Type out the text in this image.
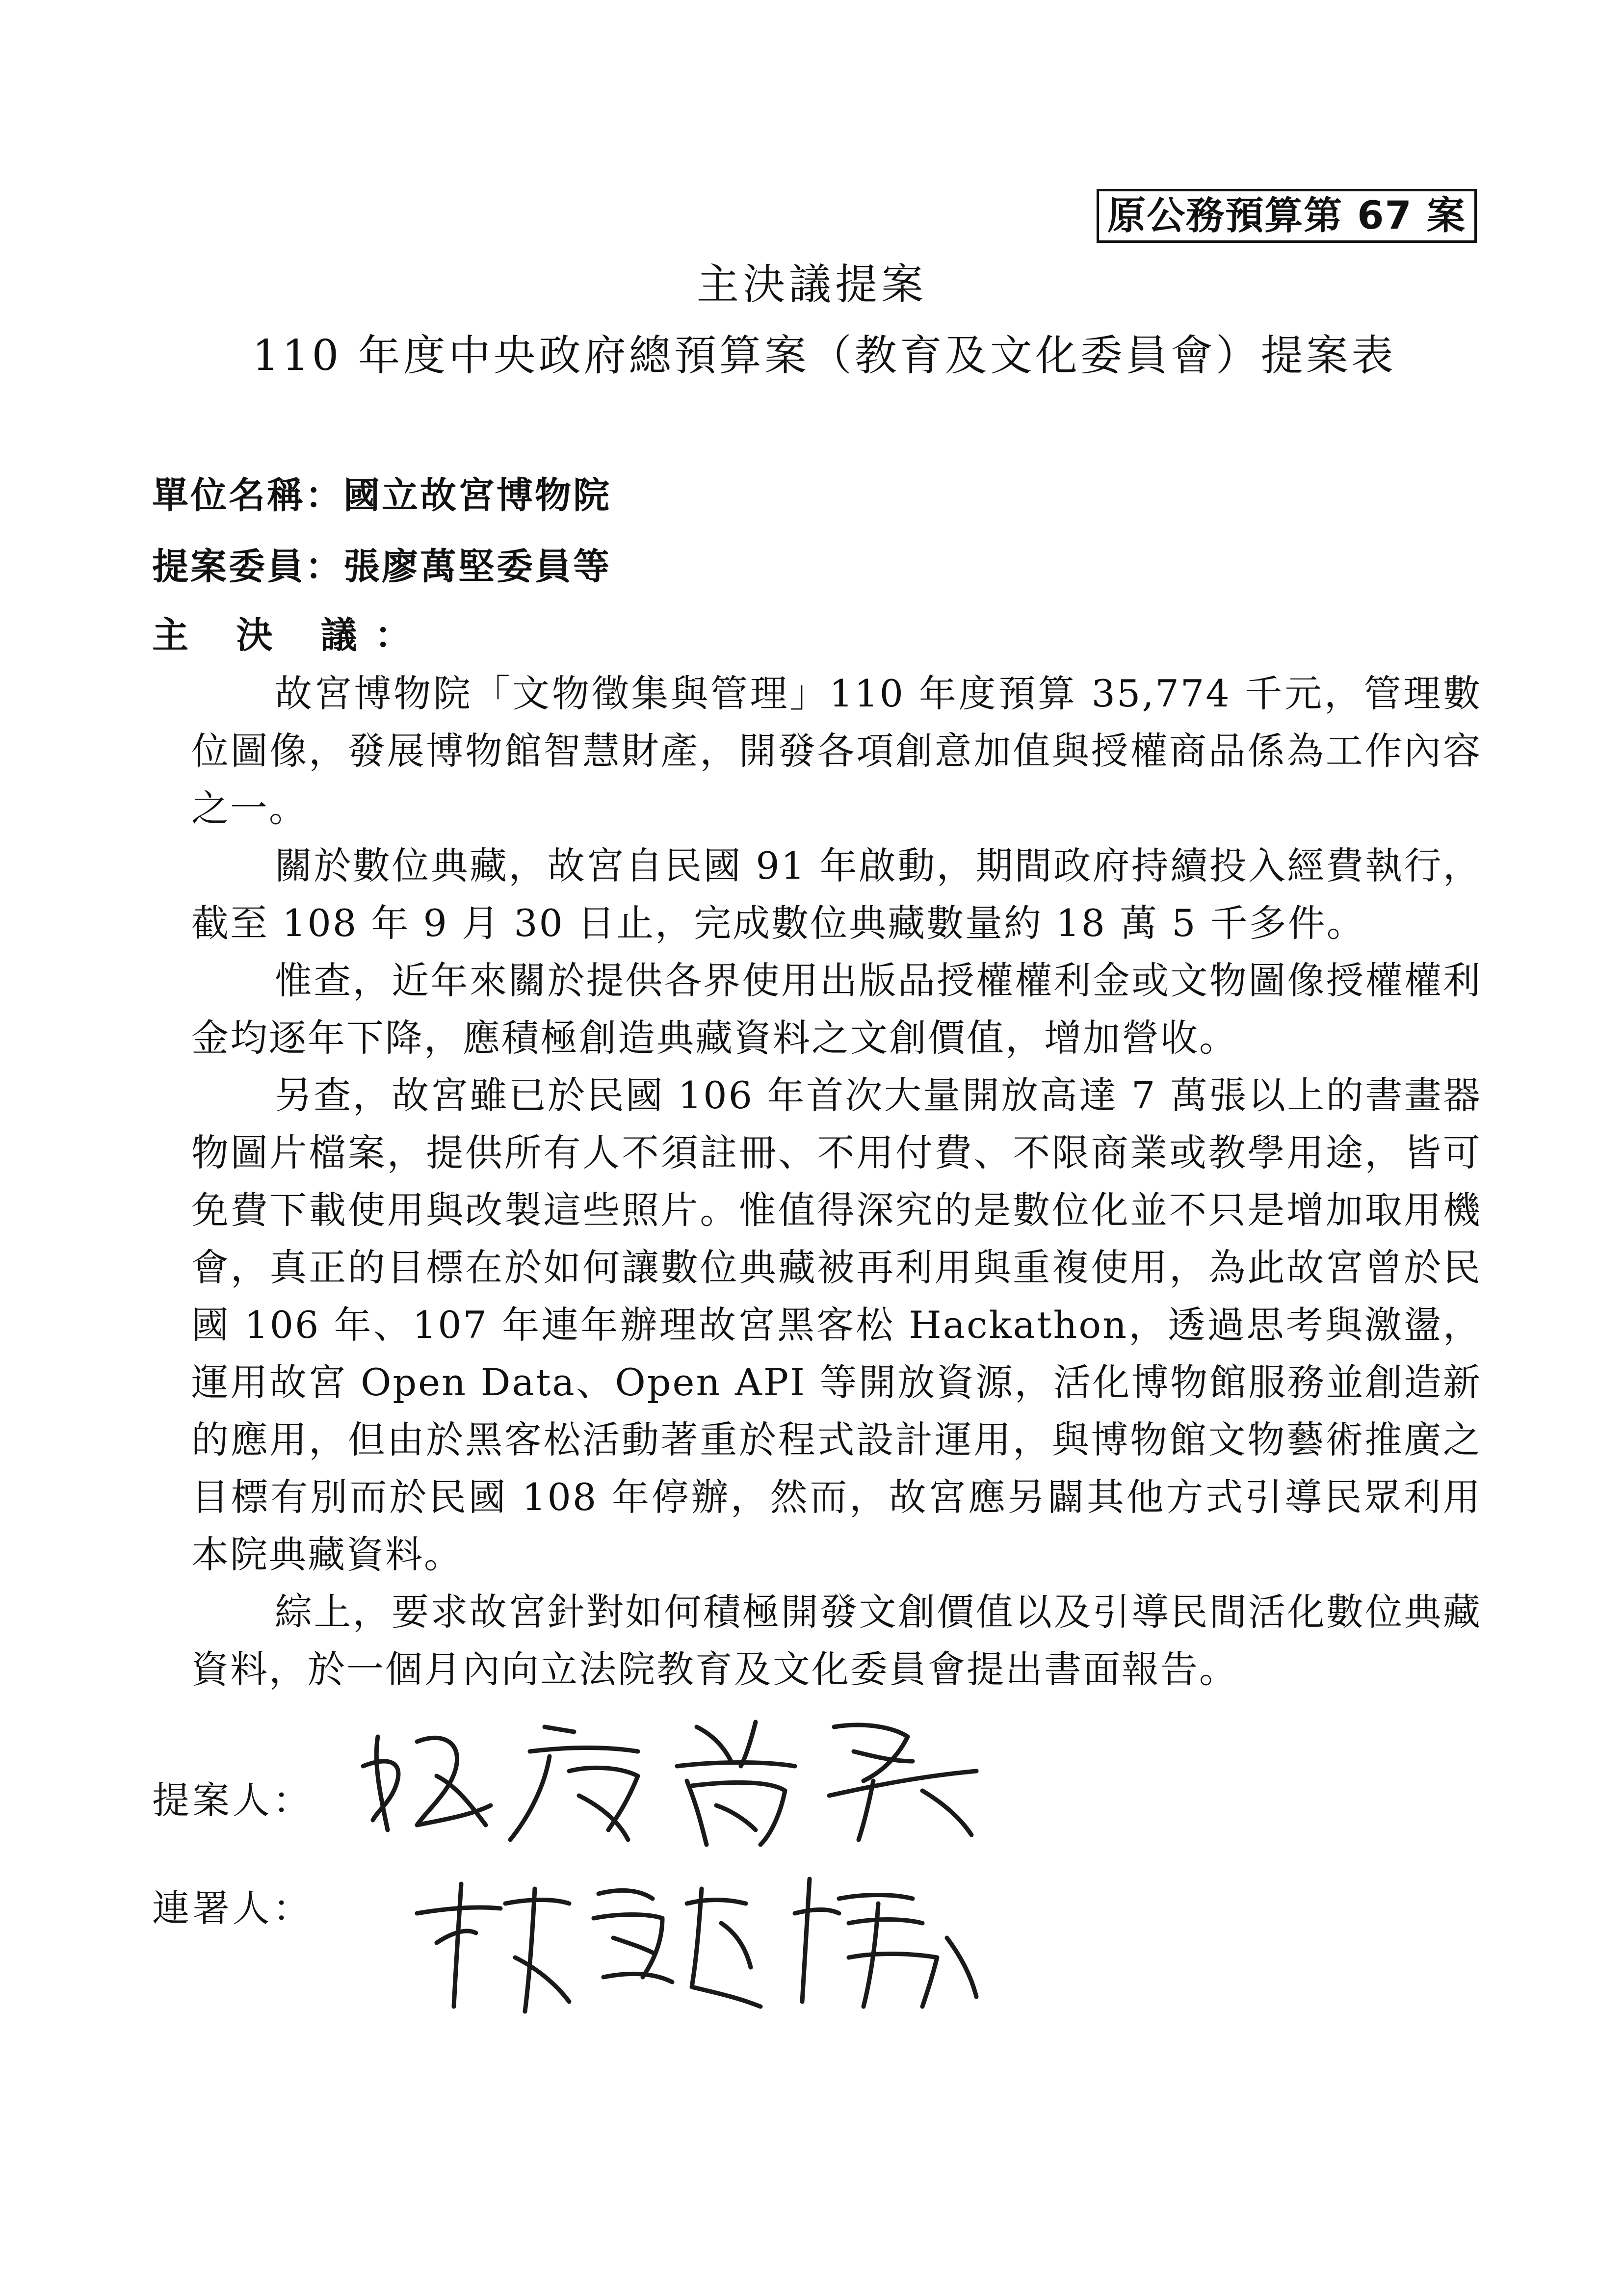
原公務預算第 67 案
主決議提案
110 年度中央政府總預算案（教育及文化委員會）提案表
單位名稱：國立故宮博物院
提案委員：張廖萬堅委員等
主 決 議：

故宮博物院「文物徵集與管理」110 年度預算 35,774 千元，管理數位圖像，發展博物館智慧財產，開發各項創意加值與授權商品係為工作內容之一。

關於數位典藏，故宮自民國 91 年啟動，期間政府持續投入經費執行，截至 108 年 9 月 30 日止，完成數位典藏數量約 18 萬 5 千多件。

惟查，近年來關於提供各界使用出版品授權權利金或文物圖像授權權利金均逐年下降，應積極創造典藏資料之文創價值，增加營收。

另查，故宮雖已於民國 106 年首次大量開放高達 7 萬張以上的書畫器物圖片檔案，提供所有人不須註冊、不用付費、不限商業或教學用途，皆可免費下載使用與改製這些照片。惟值得深究的是數位化並不只是增加取用機會，真正的目標在於如何讓數位典藏被再利用與重複使用，為此故宮曾於民國 106 年、107 年連年辦理故宮黑客松 Hackathon，透過思考與激盪，運用故宮 Open Data、Open API 等開放資源，活化博物館服務並創造新的應用，但由於黑客松活動著重於程式設計運用，與博物館文物藝術推廣之目標有別而於民國 108 年停辦，然而，故宮應另闢其他方式引導民眾利用本院典藏資料。

綜上，要求故宮針對如何積極開發文創價值以及引導民間活化數位典藏資料，於一個月內向立法院教育及文化委員會提出書面報告。

提案人：
連署人：
